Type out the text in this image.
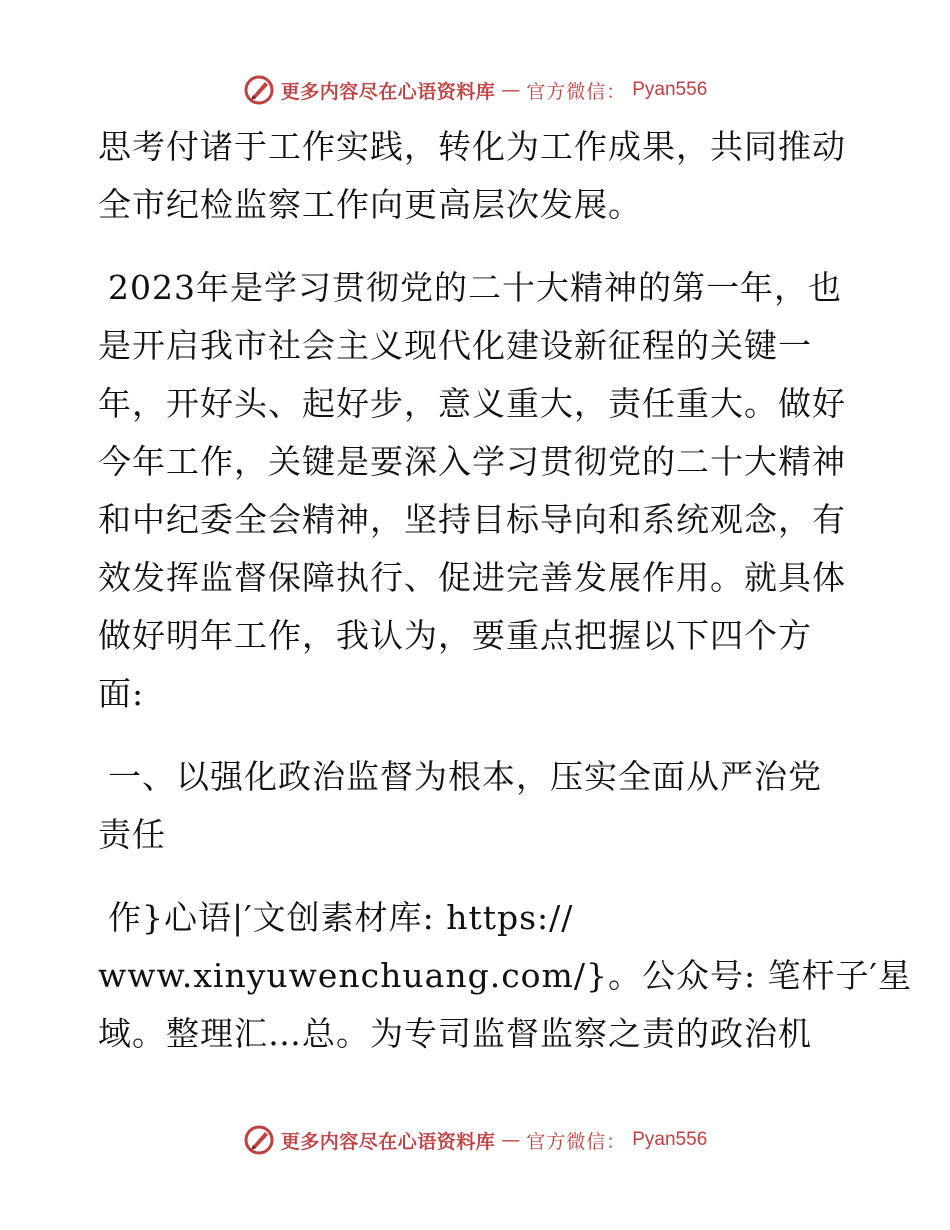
更多内容尽在心语资料库 — 官方微信： Pyan556

思考付诸于工作实践，转化为工作成果，共同推动
全市纪检监察工作向更高层次发展。

2023年是学习贯彻党的二十大精神的第一年，也
是开启我市社会主义现代化建设新征程的关键一
年，开好头、起好步，意义重大，责任重大。做好
今年工作，关键是要深入学习贯彻党的二十大精神
和中纪委全会精神，坚持目标导向和系统观念，有
效发挥监督保障执行、促进完善发展作用。就具体
做好明年工作，我认为，要重点把握以下四个方
面:

一、以强化政治监督为根本，压实全面从严治党
责任

作}心语|′文创素材库: https://
www.xinyuwenchuang.com/}。公众号: 笔杆子′星
域。整理汇…总。为专司监督监察之责的政治机

更多内容尽在心语资料库 — 官方微信： Pyan556
